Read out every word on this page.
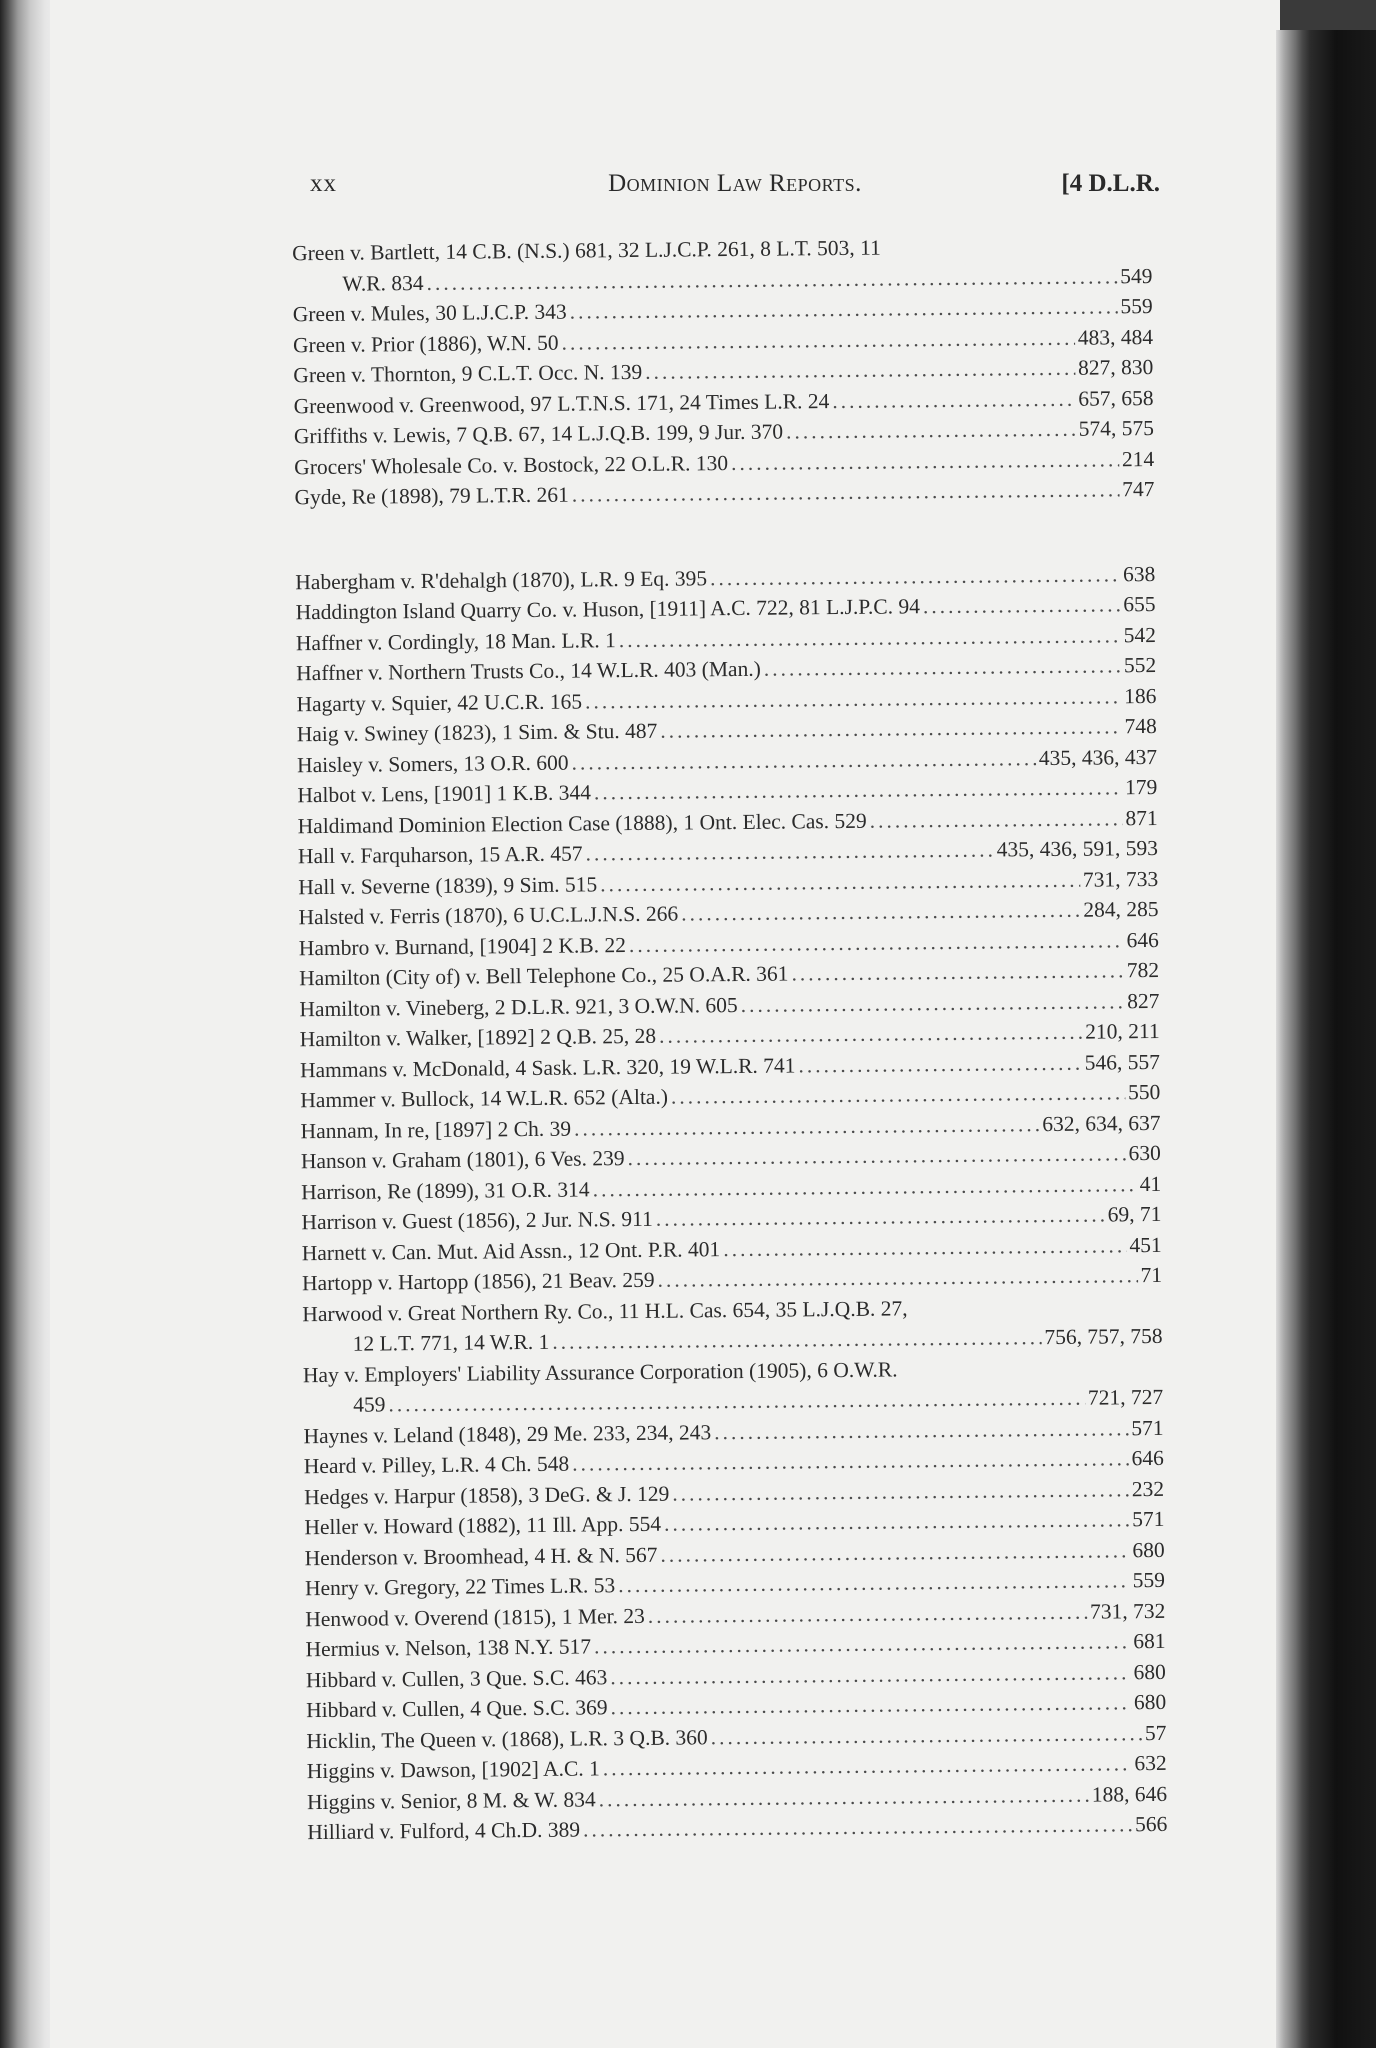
xx	Dominion Law Reports.	[4 D.L.R.
Green v. Bartlett, 14 C.B. (N.S.) 681, 32 L.J.C.P. 261, 8 L.T. 503, 11
W.R. 834 .....	549
Green v. Mules, 30 L.J.C.P. 343 .....	559
Green v. Prior (1886), W.N. 50 .....	483, 484
Green v. Thornton, 9 C.L.T. Occ. N. 139 .....	827, 830
Greenwood v. Greenwood, 97 L.T.N.S. 171, 24 Times L.R. 24 .....	657, 658
Griffiths v. Lewis, 7 Q.B. 67, 14 L.J.Q.B. 199, 9 Jur. 370 .....	574, 575
Grocers' Wholesale Co. v. Bostock, 22 O.L.R. 130 .....	214
Gyde, Re (1898), 79 L.T.R. 261 .....	747
Habergham v. R'dehalgh (1870), L.R. 9 Eq. 395 .....	638
Haddington Island Quarry Co. v. Huson, [1911] A.C. 722, 81 L.J.P.C. 94 .....	655
Haffner v. Cordingly, 18 Man. L.R. 1 .....	542
Haffner v. Northern Trusts Co., 14 W.L.R. 403 (Man.) .....	552
Hagarty v. Squier, 42 U.C.R. 165 .....	186
Haig v. Swiney (1823), 1 Sim. & Stu. 487 .....	748
Haisley v. Somers, 13 O.R. 600 .....	435, 436, 437
Halbot v. Lens, [1901] 1 K.B. 344 .....	179
Haldimand Dominion Election Case (1888), 1 Ont. Elec. Cas. 529 .....	871
Hall v. Farquharson, 15 A.R. 457 .....	435, 436, 591, 593
Hall v. Severne (1839), 9 Sim. 515 .....	731, 733
Halsted v. Ferris (1870), 6 U.C.L.J.N.S. 266 .....	284, 285
Hambro v. Burnand, [1904] 2 K.B. 22 .....	646
Hamilton (City of) v. Bell Telephone Co., 25 O.A.R. 361 .....	782
Hamilton v. Vineberg, 2 D.L.R. 921, 3 O.W.N. 605 .....	827
Hamilton v. Walker, [1892] 2 Q.B. 25, 28 .....	210, 211
Hammans v. McDonald, 4 Sask. L.R. 320, 19 W.L.R. 741 .....	546, 557
Hammer v. Bullock, 14 W.L.R. 652 (Alta.) .....	550
Hannam, In re, [1897] 2 Ch. 39 .....	632, 634, 637
Hanson v. Graham (1801), 6 Ves. 239 .....	630
Harrison, Re (1899), 31 O.R. 314 .....	41
Harrison v. Guest (1856), 2 Jur. N.S. 911 .....	69, 71
Harnett v. Can. Mut. Aid Assn., 12 Ont. P.R. 401 .....	451
Hartopp v. Hartopp (1856), 21 Beav. 259 .....	71
Harwood v. Great Northern Ry. Co., 11 H.L. Cas. 654, 35 L.J.Q.B. 27,
12 L.T. 771, 14 W.R. 1 .....	756, 757, 758
Hay v. Employers' Liability Assurance Corporation (1905), 6 O.W.R.
459 .....	721, 727
Haynes v. Leland (1848), 29 Me. 233, 234, 243 .....	571
Heard v. Pilley, L.R. 4 Ch. 548 .....	646
Hedges v. Harpur (1858), 3 DeG. & J. 129 .....	232
Heller v. Howard (1882), 11 Ill. App. 554 .....	571
Henderson v. Broomhead, 4 H. & N. 567 .....	680
Henry v. Gregory, 22 Times L.R. 53 .....	559
Henwood v. Overend (1815), 1 Mer. 23 .....	731, 732
Hermius v. Nelson, 138 N.Y. 517 .....	681
Hibbard v. Cullen, 3 Que. S.C. 463 .....	680
Hibbard v. Cullen, 4 Que. S.C. 369 .....	680
Hicklin, The Queen v. (1868), L.R. 3 Q.B. 360 .....	57
Higgins v. Dawson, [1902] A.C. 1 .....	632
Higgins v. Senior, 8 M. & W. 834 .....	188, 646
Hilliard v. Fulford, 4 Ch.D. 389 .....	566
